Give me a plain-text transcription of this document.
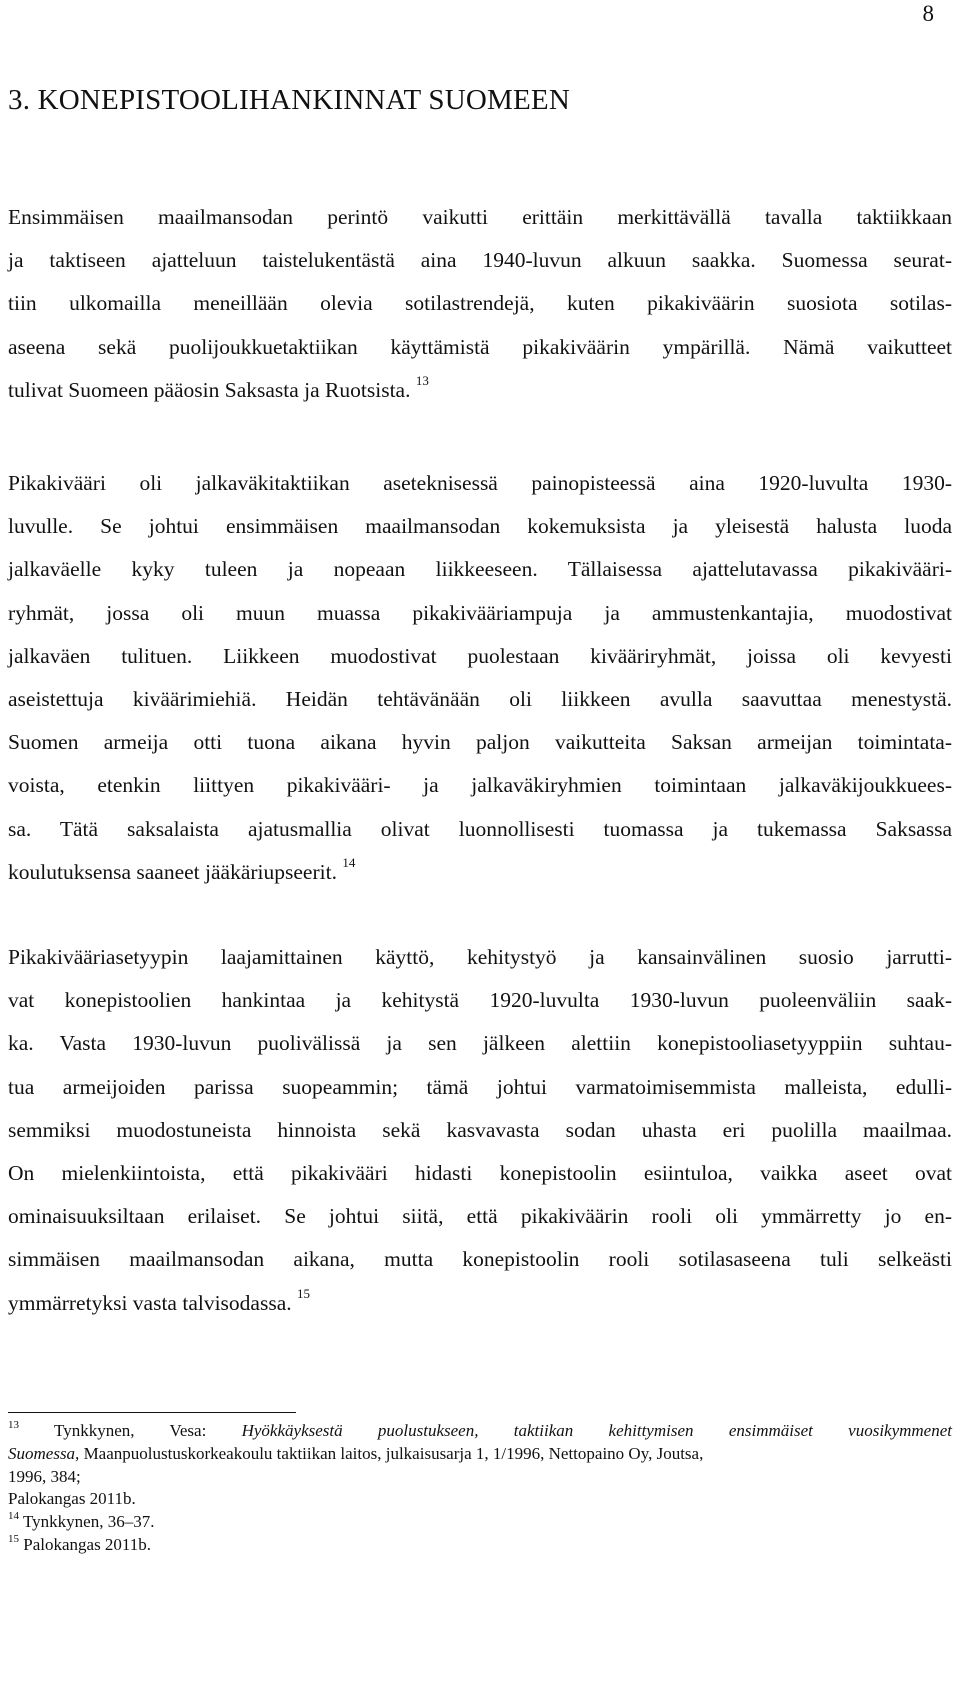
8
3. KONEPISTOOLIHANKINNAT SUOMEEN

Ensimmäisen maailmansodan perintö vaikutti erittäin merkittävällä tavalla taktiikkaan
ja taktiseen ajatteluun taistelukentästä aina 1940-luvun alkuun saakka. Suomessa seurat-
tiin ulkomailla meneillään olevia sotilastrendejä, kuten pikakiväärin suosiota sotilas-
aseena sekä puolijoukkuetaktiikan käyttämistä pikakiväärin ympärillä. Nämä vaikutteet
tulivat Suomeen pääosin Saksasta ja Ruotsista. $^{13}$

Pikakivääri oli jalkaväkitaktiikan aseteknisessä painopisteessä aina 1920-luvulta 1930-
luvulle. Se johtui ensimmäisen maailmansodan kokemuksista ja yleisestä halusta luoda
jalkaväelle kyky tuleen ja nopeaan liikkeeseen. Tällaisessa ajattelutavassa pikakivääri-
ryhmät, jossa oli muun muassa pikakivääriampuja ja ammustenkantajia, muodostivat
jalkaväen tulituen. Liikkeen muodostivat puolestaan kivääriryhmät, joissa oli kevyesti
aseistettuja kiväärimiehiä. Heidän tehtävänään oli liikkeen avulla saavuttaa menestystä.
Suomen armeija otti tuona aikana hyvin paljon vaikutteita Saksan armeijan toimintata-
voista, etenkin liittyen pikakivääri- ja jalkaväkiryhmien toimintaan jalkaväkijoukkuees-
sa. Tätä saksalaista ajatusmallia olivat luonnollisesti tuomassa ja tukemassa Saksassa
koulutuksensa saaneet jääkäriupseerit. $^{14}$

Pikakivääriasetyypin laajamittainen käyttö, kehitystyö ja kansainvälinen suosio jarrutti-
vat konepistoolien hankintaa ja kehitystä 1920-luvulta 1930-luvun puoleenväliin saak-
ka. Vasta 1930-luvun puolivälissä ja sen jälkeen alettiin konepistooliasetyyppiin suhtau-
tua armeijoiden parissa suopeammin; tämä johtui varmatoimisemmista malleista, edulli-
semmiksi muodostuneista hinnoista sekä kasvavasta sodan uhasta eri puolilla maailmaa.
On mielenkiintoista, että pikakivääri hidasti konepistoolin esiintuloa, vaikka aseet ovat
ominaisuuksiltaan erilaiset. Se johtui siitä, että pikakiväärin rooli oli ymmärretty jo en-
simmäisen maailmansodan aikana, mutta konepistoolin rooli sotilasaseena tuli selkeästi
ymmärretyksi vasta talvisodassa. $^{15}$

$^{13}$ Tynkkynen, Vesa: Hyökkäyksestä puolustukseen, taktiikan kehittymisen ensimmäiset vuosikymmenet
Suomessa, Maanpuolustuskorkeakoulu taktiikan laitos, julkaisusarja 1, 1/1996, Nettopaino Oy, Joutsa,
1996, 384;
Palokangas 2011b.
$^{14}$ Tynkkynen, 36–37.
$^{15}$ Palokangas 2011b.
